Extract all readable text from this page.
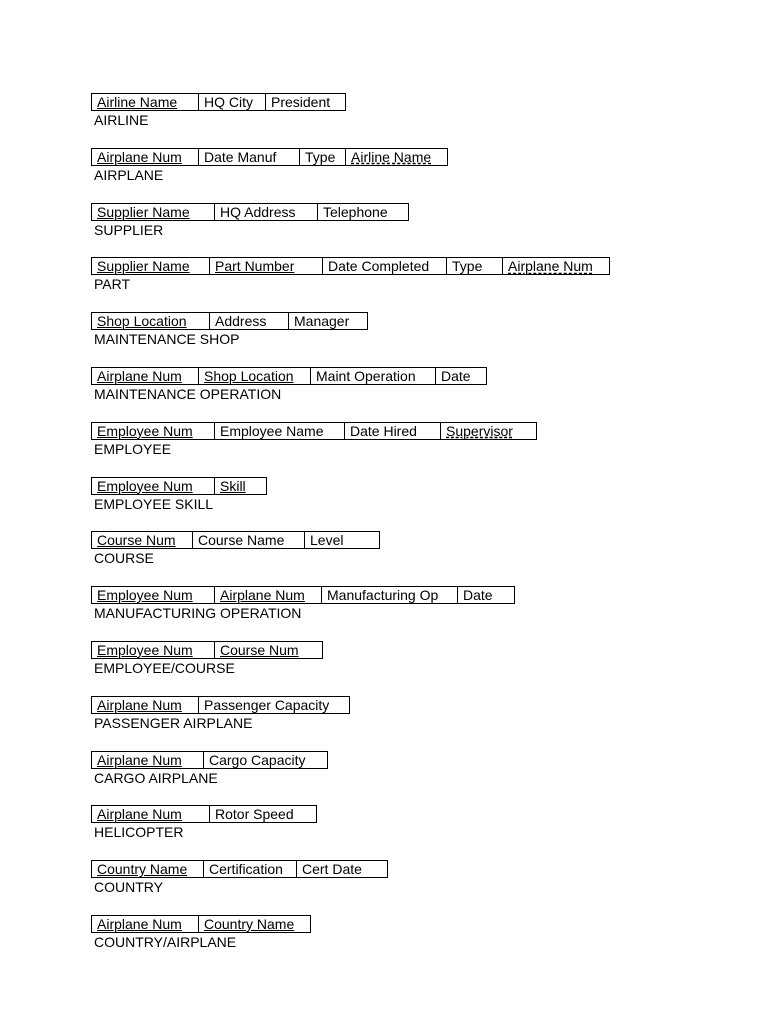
Airline Name	HQ City	President
AIRLINE
Airplane Num	Date Manuf	Type	Airline Name
AIRPLANE
Supplier Name	HQ Address	Telephone
SUPPLIER
Supplier Name	Part Number	Date Completed	Type	Airplane Num
PART
Shop Location	Address	Manager
MAINTENANCE SHOP
Airplane Num	Shop Location	Maint Operation	Date
MAINTENANCE OPERATION
Employee Num	Employee Name	Date Hired	Supervisor
EMPLOYEE
Employee Num	Skill
EMPLOYEE SKILL
Course Num	Course Name	Level
COURSE
Employee Num	Airplane Num	Manufacturing Op	Date
MANUFACTURING OPERATION
Employee Num	Course Num
EMPLOYEE/COURSE
Airplane Num	Passenger Capacity
PASSENGER AIRPLANE
Airplane Num	Cargo Capacity
CARGO AIRPLANE
Airplane Num	Rotor Speed
HELICOPTER
Country Name	Certification	Cert Date
COUNTRY
Airplane Num	Country Name
COUNTRY/AIRPLANE
